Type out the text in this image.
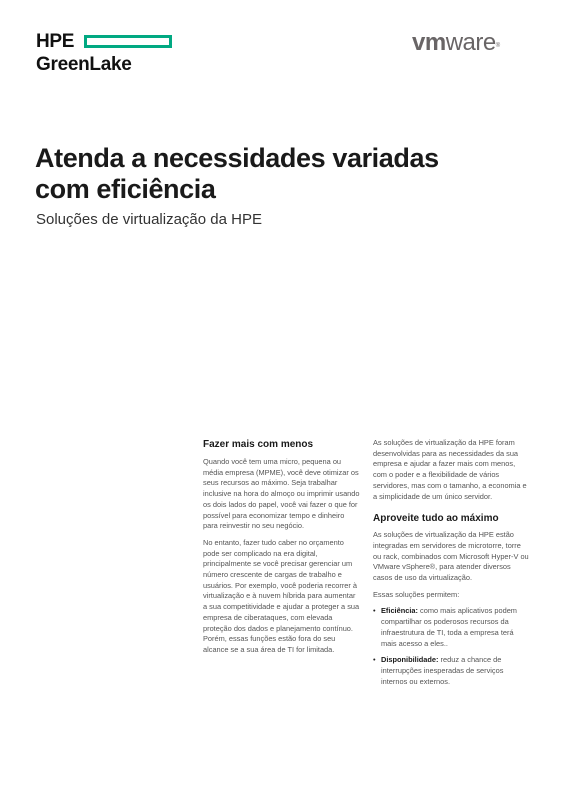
HPE
GreenLake
vmware®
Atenda a necessidades variadas
com eficiência
Soluções de virtualização da HPE
Fazer mais com menos

Quando você tem uma micro, pequena ou média empresa (MPME), você deve otimizar os seus recursos ao máximo. Seja trabalhar inclusive na hora do almoço ou imprimir usando os dois lados do papel, você vai fazer o que for possível para economizar tempo e dinheiro para reinvestir no seu negócio.

No entanto, fazer tudo caber no orçamento pode ser complicado na era digital, principalmente se você precisar gerenciar um número crescente de cargas de trabalho e usuários. Por exemplo, você poderia recorrer à virtualização e à nuvem híbrida para aumentar a sua competitividade e ajudar a proteger a sua empresa de ciberataques, com elevada proteção dos dados e planejamento contínuo. Porém, essas funções estão fora do seu alcance se a sua área de TI for limitada.

As soluções de virtualização da HPE foram desenvolvidas para as necessidades da sua empresa e ajudar a fazer mais com menos, com o poder e a flexibilidade de vários servidores, mas com o tamanho, a economia e a simplicidade de um único servidor.

Aproveite tudo ao máximo

As soluções de virtualização da HPE estão integradas em servidores de microtorre, torre ou rack, combinados com Microsoft Hyper-V ou VMware vSphere®, para atender diversos casos de uso da virtualização.

Essas soluções permitem:

• Eficiência: como mais aplicativos podem compartilhar os poderosos recursos da infraestrutura de TI, toda a empresa terá mais acesso a eles..
• Disponibilidade: reduz a chance de interrupções inesperadas de serviços internos ou externos.
